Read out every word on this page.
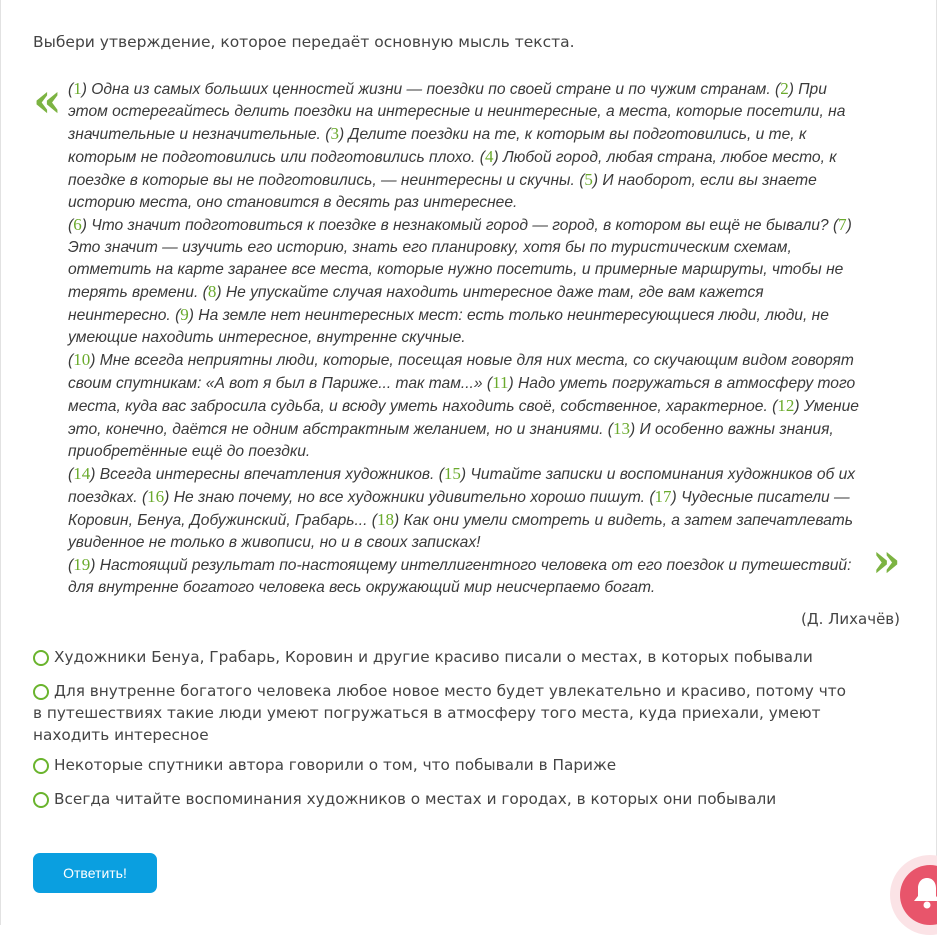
Выбери утверждение, которое передаёт основную мысль текста.
«
»
(1) Одна из самых больших ценностей жизни — поездки по своей стране и по чужим странам. (2) При этом остерегайтесь делить поездки на интересные и неинтересные, а места, которые посетили, на значительные и незначительные. (3) Делите поездки на те, к которым вы подготовились, и те, к которым не подготовились или подготовились плохо. (4) Любой город, любая страна, любое место, к поездке в которые вы не подготовились, — неинтересны и скучны. (5) И наоборот, если вы знаете историю места, оно становится в десять раз интереснее.
(6) Что значит подготовиться к поездке в незнакомый город — город, в котором вы ещё не бывали? (7) Это значит — изучить его историю, знать его планировку, хотя бы по туристическим схемам, отметить на карте заранее все места, которые нужно посетить, и примерные маршруты, чтобы не терять времени. (8) Не упускайте случая находить интересное даже там, где вам кажется неинтересно. (9) На земле нет неинтересных мест: есть только неинтересующиеся люди, люди, не умеющие находить интересное, внутренне скучные.
(10) Мне всегда неприятны люди, которые, посещая новые для них места, со скучающим видом говорят своим спутникам: «А вот я был в Париже... так там...» (11) Надо уметь погружаться в атмосферу того места, куда вас забросила судьба, и всюду уметь находить своё, собственное, характерное. (12) Умение это, конечно, даётся не одним абстрактным желанием, но и знаниями. (13) И особенно важны знания, приобретённые ещё до поездки.
(14) Всегда интересны впечатления художников. (15) Читайте записки и воспоминания художников об их поездках. (16) Не знаю почему, но все художники удивительно хорошо пишут. (17) Чудесные писатели — Коровин, Бенуа, Добужинский, Грабарь... (18) Как они умели смотреть и видеть, а затем запечатлевать увиденное не только в живописи, но и в своих записках!
(19) Настоящий результат по-настоящему интеллигентного человека от его поездок и путешествий: для внутренне богатого человека весь окружающий мир неисчерпаемо богат.
(Д. Лихачёв)
Художники Бенуа, Грабарь, Коровин и другие красиво писали о местах, в которых побывали
Для внутренне богатого человека любое новое место будет увлекательно и красиво, потому что в путешествиях такие люди умеют погружаться в атмосферу того места, куда приехали, умеют находить интересное
Некоторые спутники автора говорили о том, что побывали в Париже
Всегда читайте воспоминания художников о местах и городах, в которых они побывали
Ответить!
